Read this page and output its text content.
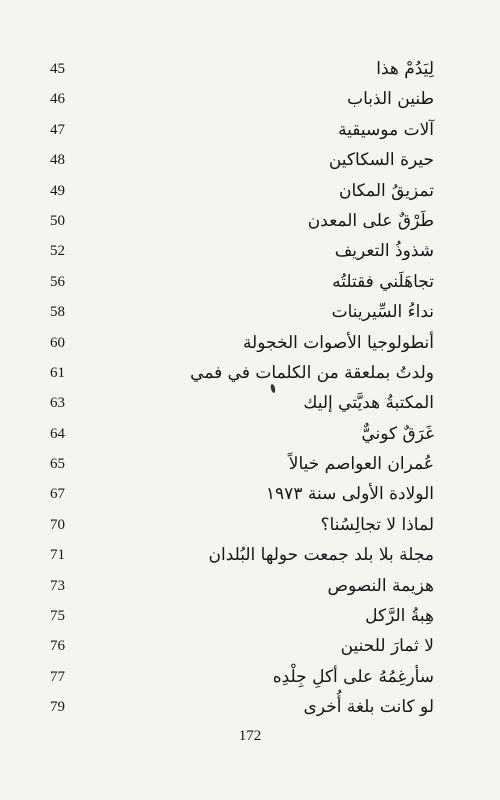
لِيَدُمْ هذا
45
طنين الذباب
46
آلات موسيقية
47
حيرة السكاكين
48
تمزيقُ المكان
49
طَرْقٌ على المعدن
50
شذوذُ التعريف
52
تجاهَلَني فقتلتُه
56
نداءُ السِّيرينات
58
أنطولوجيا الأصوات الخجولة
60
ولدتُ بملعقة من الكلمات في فمي
61
المكتبةُ هديَّتي إليك
63
غَرَقٌ كونيٌّ
64
عُمران العواصم خيالاً
65
الولادة الأولى سنة ١٩٧٣
67
لماذا لا تجالِسُنا؟
70
مجلة بلا بلد جمعت حولها البُلدان
71
هزيمة النصوص
73
هِبةُ الرَّكل
75
لا ثمارَ للحنين
76
سأرغِمُهُ على أكلِ جِلْدِه
77
لو كانت بلغة أُخرى
79
172
